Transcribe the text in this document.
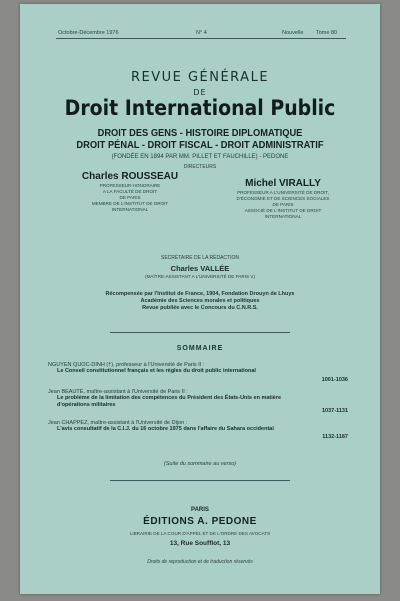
Octobre-Décembre 1976	N° 4	Nouvelle Tome 80
REVUE GÉNÉRALE
DE
Droit International Public
DROIT DES GENS - HISTOIRE DIPLOMATIQUE
DROIT PÉNAL - DROIT FISCAL - DROIT ADMINISTRATIF
(FONDÉE EN 1894 PAR MM. PILLET ET FAUCHILLE) - PEDONE
DIRECTEURS
Charles ROUSSEAU
PROFESSEUR HONORAIRE
A LA FACULTÉ DE DROIT
DE PARIS
MEMBRE DE L'INSTITUT DE DROIT
INTERNATIONAL
Michel VIRALLY
PROFESSEUR A L'UNIVERSITÉ DE DROIT,
D'ÉCONOMIE ET DE SCIENCES SOCIALES
DE PARIS
ASSOCIÉ DE L'INSTITUT DE DROIT
INTERNATIONAL
SECRÉTAIRE DE LA RÉDACTION
Charles VALLÉE
(MAÎTRE-ASSISTANT A L'UNIVERSITÉ DE PARIS V)
Récompensée par l'Institut de France, 1904, Fondation Drouyn de Lhuys
Académie des Sciences morales et politiques
Revue publiée avec le Concours du C.N.R.S.
SOMMAIRE
NGUYEN QUOC-DINH (†), professeur à l'Université de Paris II :
Le Conseil constitutionnel français et les règles du droit public international
1001-1036
Jean BEAUTÉ, maître-assistant à l'Université de Paris II :
Le problème de la limitation des compétences du Président des États-Unis en matière d'opérations militaires
1037-1131
Jean CHAPPEZ, maître-assistant à l'Université de Dijon :
L'avis consultatif de la C.I.J. du 16 octobre 1975 dans l'affaire du Sahara occidental
1132-1187
(Suite du sommaire au verso)
PARIS
ÉDITIONS A. PEDONE
LIBRAIRIE DE LA COUR D'APPEL ET DE L'ORDRE DES AVOCATS
13, Rue Soufflot, 13
Droits de reproduction et de traduction réservés
